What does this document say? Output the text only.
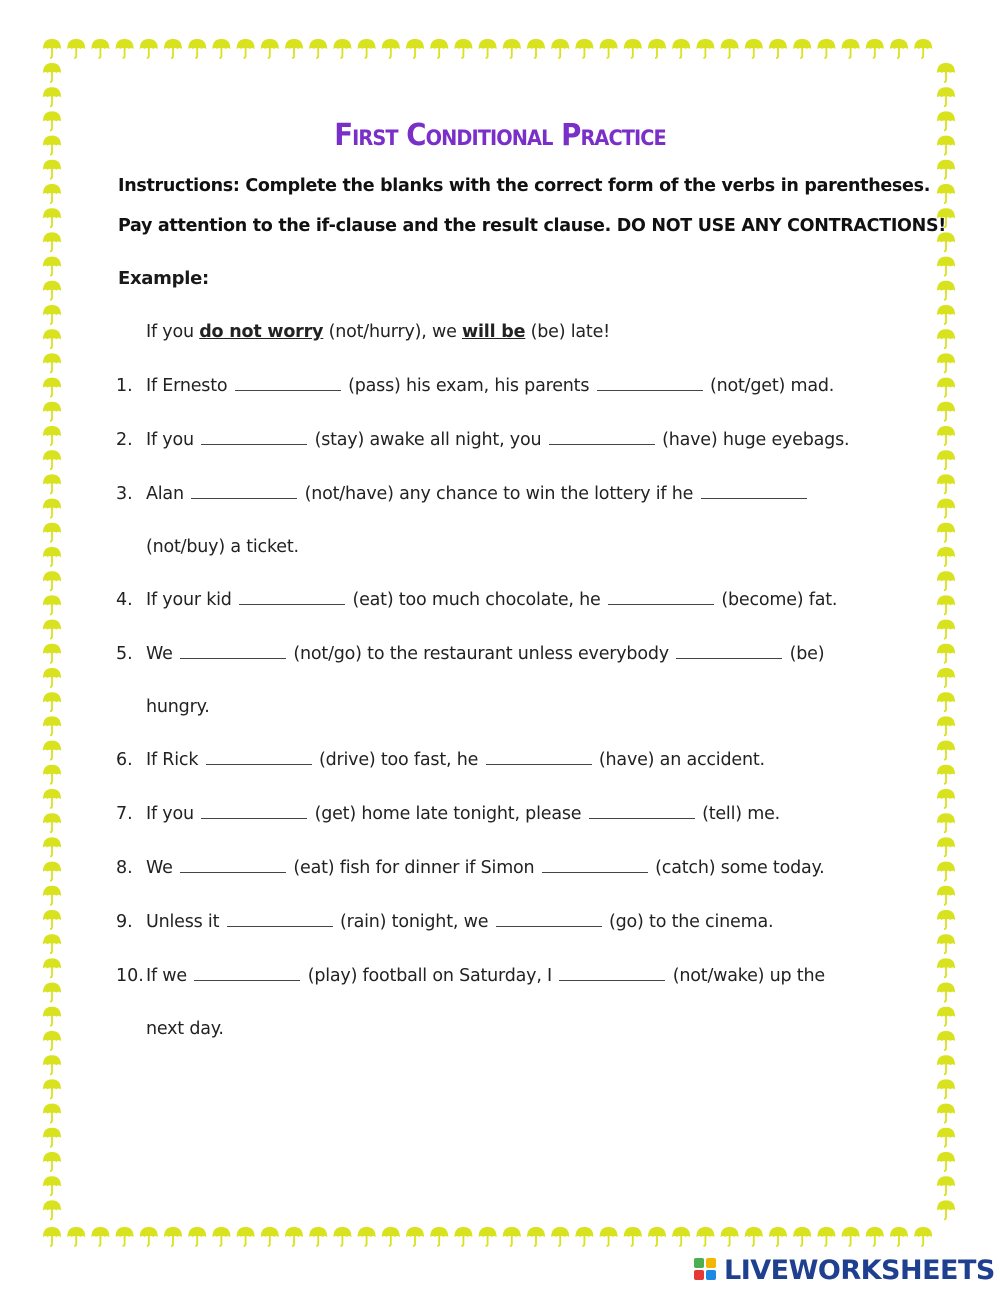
First Conditional Practice
Instructions: Complete the blanks with the correct form of the verbs in parentheses.
Pay attention to the if-clause and the result clause. DO NOT USE ANY CONTRACTIONS!
Example:
If you do not worry (not/hurry), we will be (be) late!
1. If Ernesto	(pass) his exam, his parents	(not/get) mad.
2. If you	(stay) awake all night, you	(have) huge eyebags.
3. Alan	(not/have) any chance to win the lottery if he
(not/buy) a ticket.
4. If your kid	(eat) too much chocolate, he	(become) fat.
5. We	(not/go) to the restaurant unless everybody	(be)
hungry.
6. If Rick	(drive) too fast, he	(have) an accident.
7. If you	(get) home late tonight, please	(tell) me.
8. We	(eat) fish for dinner if Simon	(catch) some today.
9. Unless it	(rain) tonight, we	(go) to the cinema.
10. If we	(play) football on Saturday, I	(not/wake) up the
next day.
LIVEWORKSHEETS
